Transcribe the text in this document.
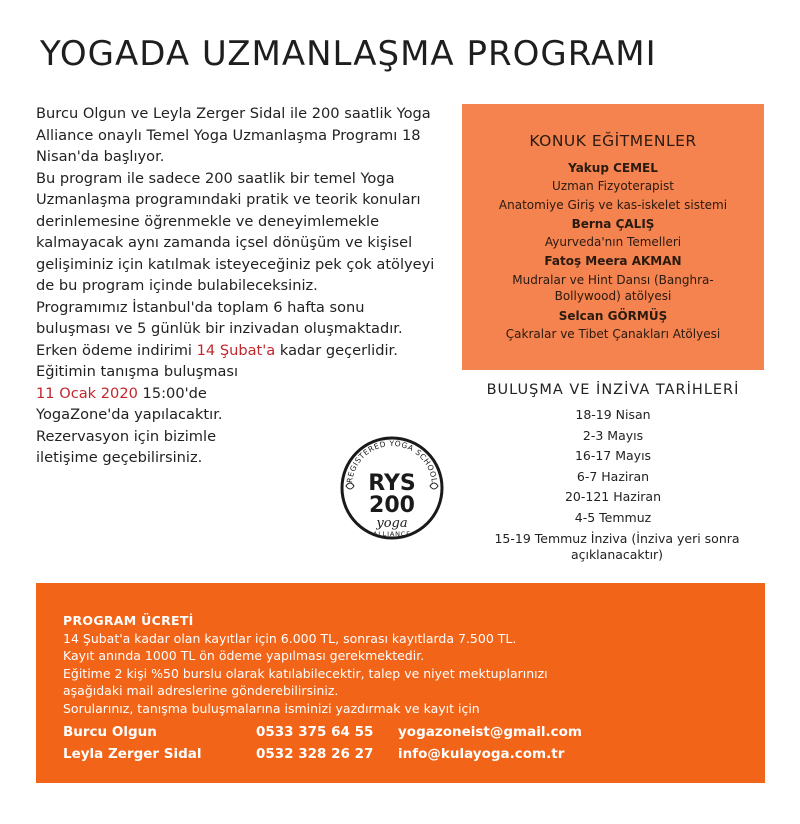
YOGADA UZMANLAŞMA PROGRAMI

Burcu Olgun ve Leyla Zerger Sidal ile 200 saatlik Yoga Alliance onaylı Temel Yoga Uzmanlaşma Programı 18 Nisan'da başlıyor.

Bu program ile sadece 200 saatlik bir temel Yoga Uzmanlaşma programındaki pratik ve teorik konuları derinlemesine öğrenmekle ve deneyimlemekle kalmayacak aynı zamanda içsel dönüşüm ve kişisel gelişiminiz için katılmak isteyeceğiniz pek çok atölyeyi de bu program içinde bulabileceksiniz.

Programımız İstanbul'da toplam 6 hafta sonu buluşması ve 5 günlük bir inzivadan oluşmaktadır.

Erken ödeme indirimi 14 Şubat'a kadar geçerlidir.

Eğitimin tanışma buluşması
11 Ocak 2020 15:00'de
YogaZone'da yapılacaktır.

Rezervasyon için bizimle iletişime geçebilirsiniz.

KONUK EĞİTMENLER
Yakup CEMEL
Uzman Fizyoterapist
Anatomiye Giriş ve kas-iskelet sistemi
Berna ÇALIŞ
Ayurveda'nın Temelleri
Fatoş Meera AKMAN
Mudralar ve Hint Dansı (Banghra-
Bollywood) atölyesi
Selcan GÖRMÜŞ
Çakralar ve Tibet Çanakları Atölyesi
BULUŞMA VE İNZİVA TARİHLERİ
18-19 Nisan
2-3 Mayıs
16-17 Mayıs
6-7 Haziran
20-121 Haziran
4-5 Temmuz
15-19 Temmuz İnziva (İnziva yeri sonra açıklanacaktır)
REGISTERED YOGA SCHOOL
RYS
200
yoga
ALLIANCE
PROGRAM ÜCRETİ
14 Şubat'a kadar olan kayıtlar için 6.000 TL, sonrası kayıtlarda 7.500 TL.
Kayıt anında 1000 TL ön ödeme yapılması gerekmektedir.
Eğitime 2 kişi %50 burslu olarak katılabilecektir, talep ve niyet mektuplarınızı
aşağıdaki mail adreslerine gönderebilirsiniz.
Sorularınız, tanışma buluşmalarına isminizi yazdırmak ve kayıt için
Burcu Olgun	0533 375 64 55	yogazoneist@gmail.com
Leyla Zerger Sidal	0532 328 26 27	info@kulayoga.com.tr
